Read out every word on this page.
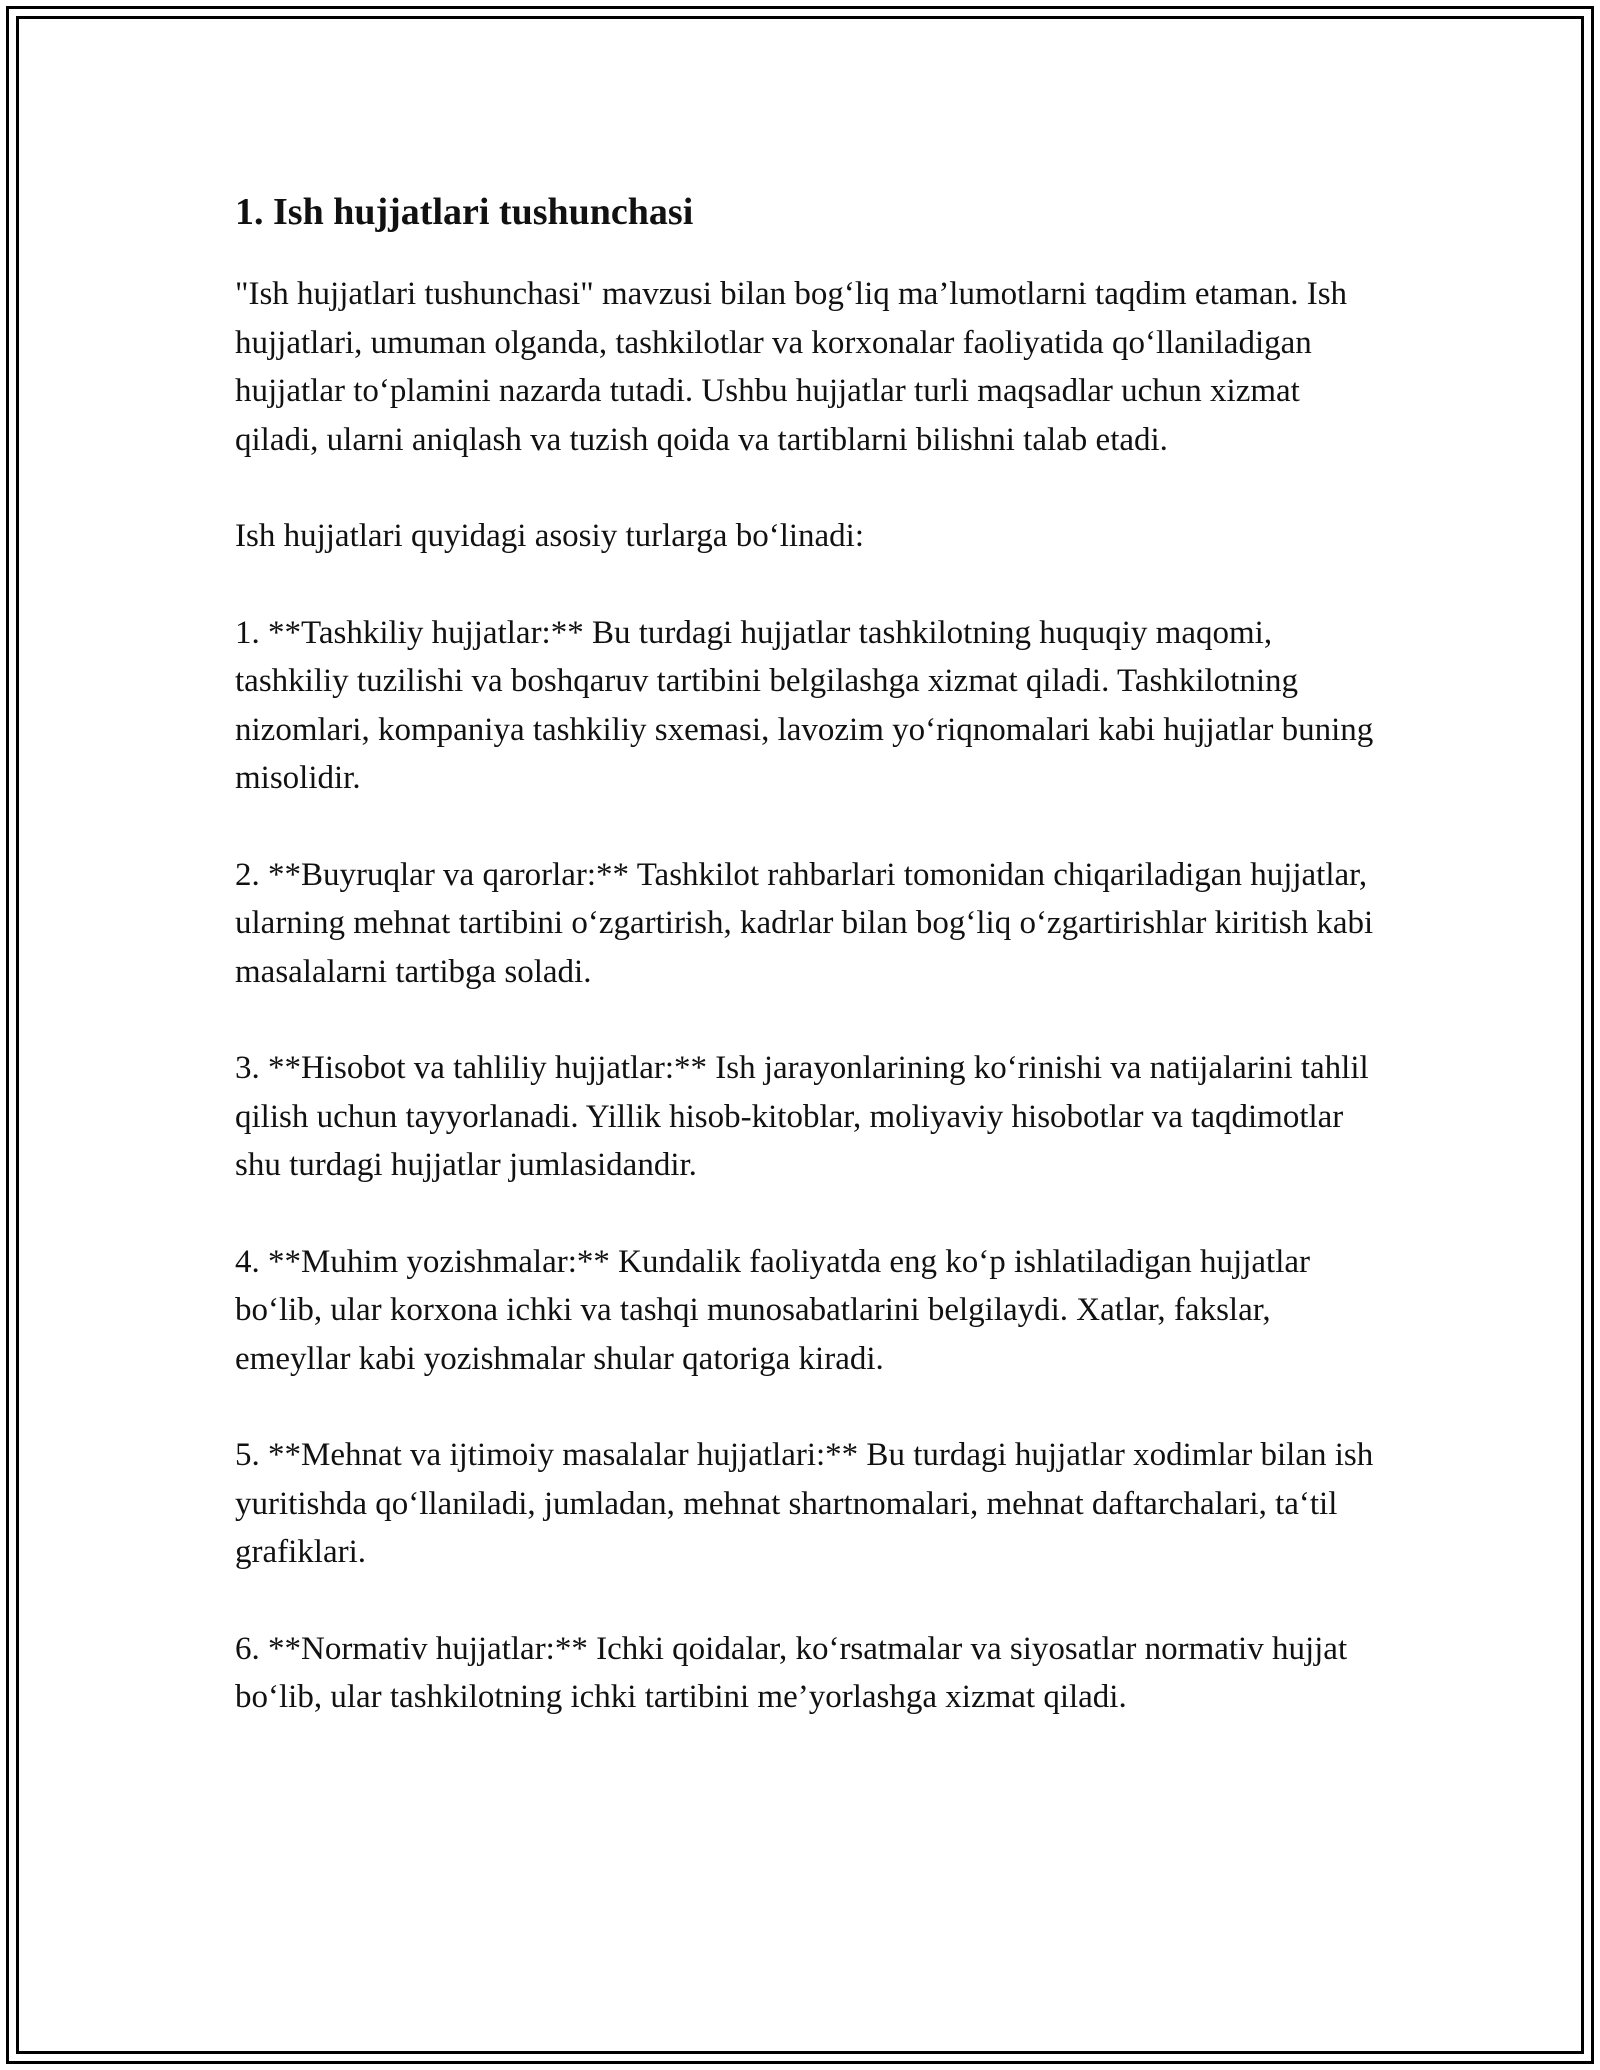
1. Ish hujjatlari tushunchasi

"Ish hujjatlari tushunchasi" mavzusi bilan bog‘liq ma’lumotlarni taqdim etaman. Ish hujjatlari, umuman olganda, tashkilotlar va korxonalar faoliyatida qo‘llaniladigan hujjatlar to‘plamini nazarda tutadi. Ushbu hujjatlar turli maqsadlar uchun xizmat qiladi, ularni aniqlash va tuzish qoida va tartiblarni bilishni talab etadi.

Ish hujjatlari quyidagi asosiy turlarga bo‘linadi:

1. **Tashkiliy hujjatlar:** Bu turdagi hujjatlar tashkilotning huquqiy maqomi, tashkiliy tuzilishi va boshqaruv tartibini belgilashga xizmat qiladi. Tashkilotning nizomlari, kompaniya tashkiliy sxemasi, lavozim yo‘riqnomalari kabi hujjatlar buning misolidir.

2. **Buyruqlar va qarorlar:** Tashkilot rahbarlari tomonidan chiqariladigan hujjatlar, ularning mehnat tartibini o‘zgartirish, kadrlar bilan bog‘liq o‘zgartirishlar kiritish kabi masalalarni tartibga soladi.

3. **Hisobot va tahliliy hujjatlar:** Ish jarayonlarining ko‘rinishi va natijalarini tahlil qilish uchun tayyorlanadi. Yillik hisob-kitoblar, moliyaviy hisobotlar va taqdimotlar shu turdagi hujjatlar jumlasidandir.

4. **Muhim yozishmalar:** Kundalik faoliyatda eng ko‘p ishlatiladigan hujjatlar bo‘lib, ular korxona ichki va tashqi munosabatlarini belgilaydi. Xatlar, fakslar, emeyllar kabi yozishmalar shular qatoriga kiradi.

5. **Mehnat va ijtimoiy masalalar hujjatlari:** Bu turdagi hujjatlar xodimlar bilan ish yuritishda qo‘llaniladi, jumladan, mehnat shartnomalari, mehnat daftarchalari, ta‘til grafiklari.

6. **Normativ hujjatlar:** Ichki qoidalar, ko‘rsatmalar va siyosatlar normativ hujjat bo‘lib, ular tashkilotning ichki tartibini me’yorlashga xizmat qiladi.
